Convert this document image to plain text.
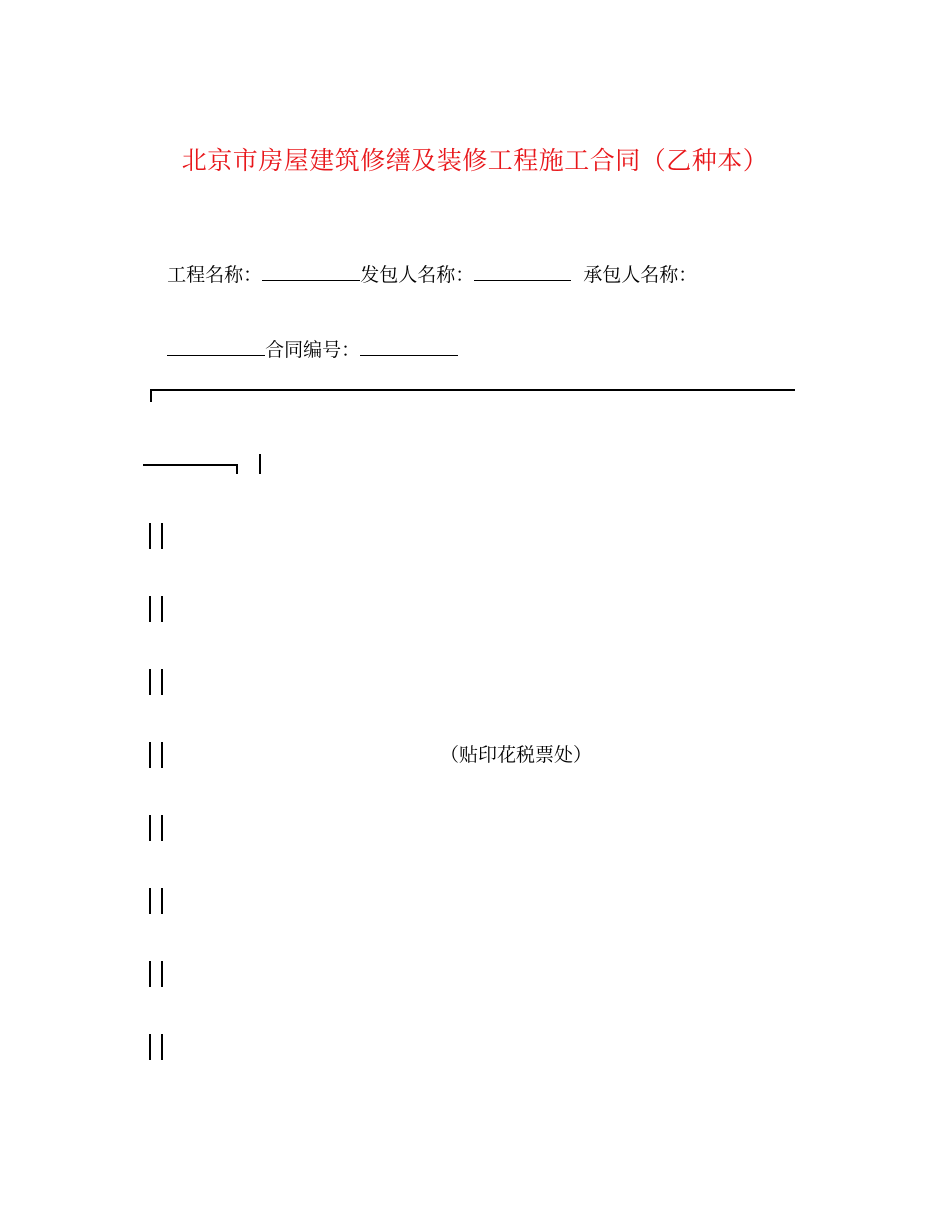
北京市房屋建筑修缮及装修工程施工合同（乙种本）

工程名称：	发包人名称：	承包人名称：

合同编号：

（贴印花税票处）
